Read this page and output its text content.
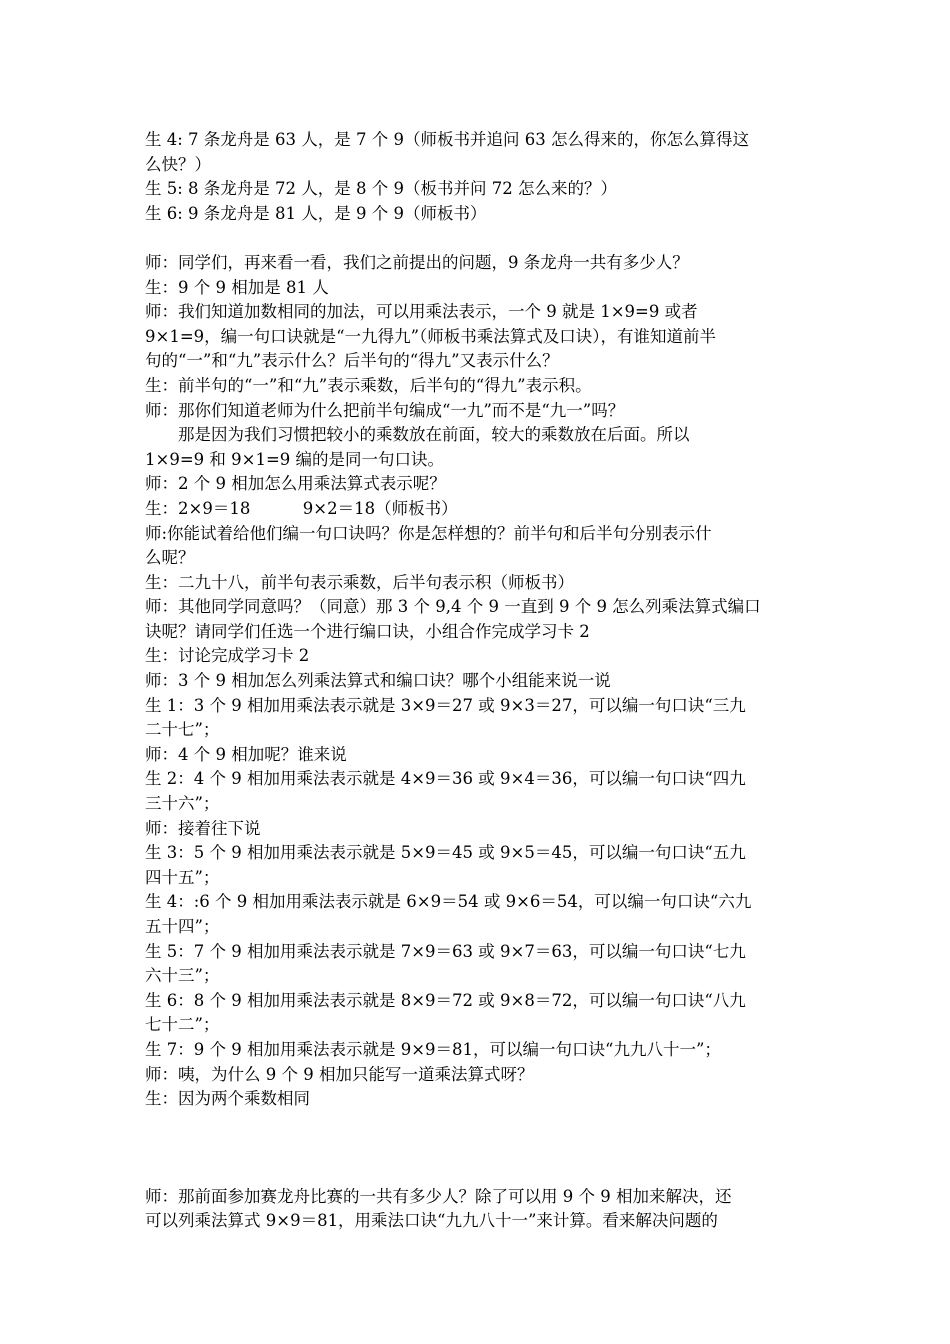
生 4: 7 条龙舟是 63 人，是 7 个 9（师板书并追问 63 怎么得来的，你怎么算得这
么快？）
生 5: 8 条龙舟是 72 人，是 8 个 9（板书并问 72 怎么来的？）
生 6: 9 条龙舟是 81 人，是 9 个 9（师板书）
师：同学们，再来看一看，我们之前提出的问题，9 条龙舟一共有多少人？
生：9 个 9 相加是 81 人
师：我们知道加数相同的加法，可以用乘法表示，一个 9 就是 1×9=9 或者
9×1=9，编一句口诀就是“一九得九”（师板书乘法算式及口诀），有谁知道前半
句的“一”和“九”表示什么？后半句的“得九”又表示什么？
生：前半句的“一”和“九”表示乘数，后半句的“得九”表示积。
师：那你们知道老师为什么把前半句编成“一九”而不是“九一”吗？
那是因为我们习惯把较小的乘数放在前面，较大的乘数放在后面。所以
1×9=9 和 9×1=9 编的是同一句口诀。
师：2 个 9 相加怎么用乘法算式表示呢？
生：2×9＝18          9×2＝18（师板书）
师:你能试着给他们编一句口诀吗？你是怎样想的？前半句和后半句分别表示什
么呢？
生：二九十八，前半句表示乘数，后半句表示积（师板书）
师：其他同学同意吗？（同意）那 3 个 9,4 个 9 一直到 9 个 9 怎么列乘法算式编口
诀呢？请同学们任选一个进行编口诀，小组合作完成学习卡 2
生：讨论完成学习卡 2
师：3 个 9 相加怎么列乘法算式和编口诀？哪个小组能来说一说
生 1：3 个 9 相加用乘法表示就是 3×9＝27 或 9×3＝27，可以编一句口诀“三九
二十七”；
师：4 个 9 相加呢？谁来说
生 2：4 个 9 相加用乘法表示就是 4×9＝36 或 9×4＝36，可以编一句口诀“四九
三十六”；
师：接着往下说
生 3：5 个 9 相加用乘法表示就是 5×9＝45 或 9×5＝45，可以编一句口诀“五九
四十五”；
生 4：:6 个 9 相加用乘法表示就是 6×9＝54 或 9×6＝54，可以编一句口诀“六九
五十四”；
生 5：7 个 9 相加用乘法表示就是 7×9＝63 或 9×7＝63，可以编一句口诀“七九
六十三”；
生 6：8 个 9 相加用乘法表示就是 8×9＝72 或 9×8＝72，可以编一句口诀“八九
七十二”；
生 7：9 个 9 相加用乘法表示就是 9×9＝81，可以编一句口诀“九九八十一”；
师：咦，为什么 9 个 9 相加只能写一道乘法算式呀？
生：因为两个乘数相同
师：那前面参加赛龙舟比赛的一共有多少人？除了可以用 9 个 9 相加来解决，还
可以列乘法算式 9×9＝81，用乘法口诀“九九八十一”来计算。看来解决问题的
